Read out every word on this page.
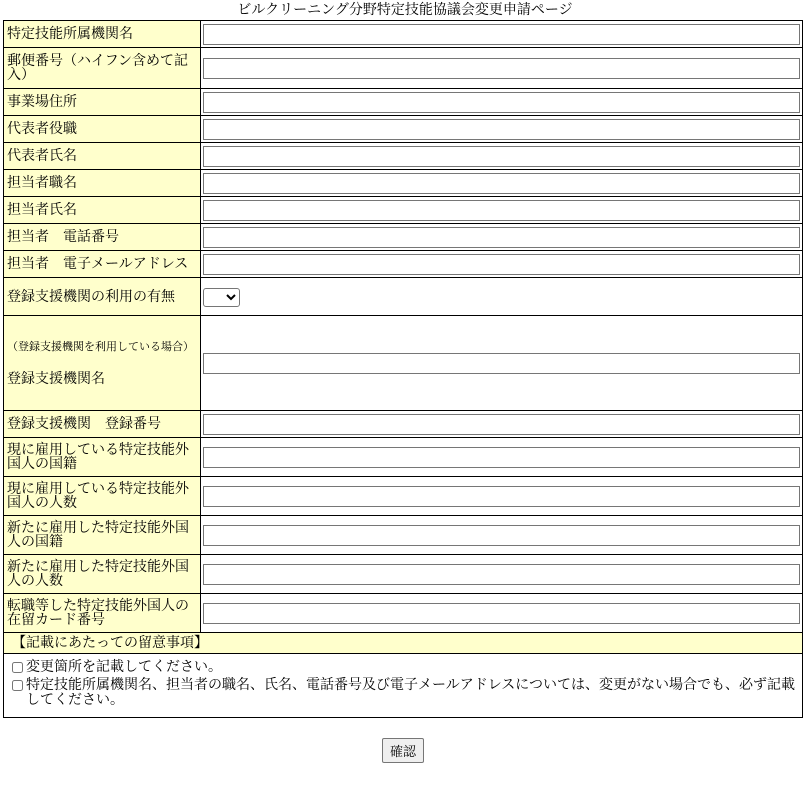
ビルクリーニング分野特定技能協議会変更申請ページ
特定技能所属機関名	

郵便番号（ハイフン含めて記入）	

事業場住所	

代表者役職	

代表者氏名	

担当者職名	

担当者氏名	

担当者　電話番号	

担当者　電子メールアドレス	

登録支援機関の利用の有無	

（登録支援機関を利用している場合）
登録支援機関名	

登録支援機関　登録番号	

現に雇用している特定技能外国人の国籍	

現に雇用している特定技能外国人の人数	

新たに雇用した特定技能外国人の国籍	

新たに雇用した特定技能外国人の人数	

転職等した特定技能外国人の在留カード番号	

【記載にあたっての留意事項】	

変更箇所を記載してください。
特定技能所属機関名、担当者の職名、氏名、電話番号及び電子メールアドレスについては、変更がない場合でも、必ず記載してください。	
確認
